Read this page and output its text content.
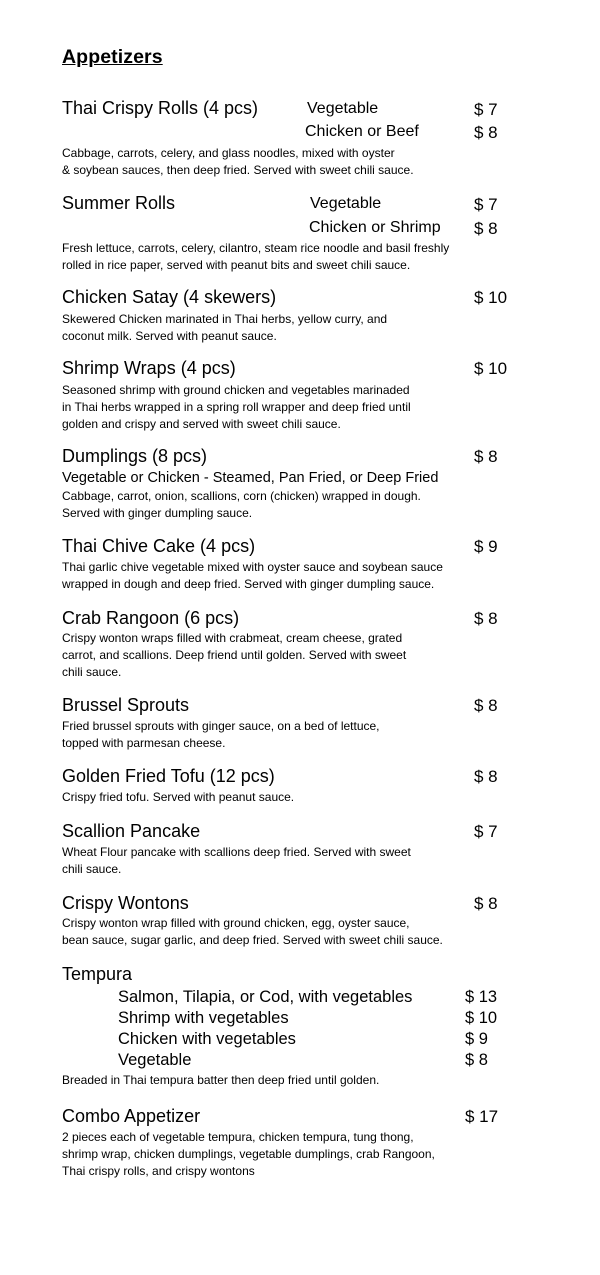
Appetizers
Thai Crispy Rolls (4 pcs)	Vegetable	$ 7
Chicken or Beef	$ 8
Cabbage, carrots, celery, and glass noodles, mixed with oyster
& soybean sauces, then deep fried. Served with sweet chili sauce.
Summer Rolls	Vegetable	$ 7
Chicken or Shrimp $ 8
Fresh lettuce, carrots, celery, cilantro, steam rice noodle and basil freshly
rolled in rice paper, served with peanut bits and sweet chili sauce.
Chicken Satay (4 skewers)	$ 10
Skewered Chicken marinated in Thai herbs, yellow curry, and
coconut milk. Served with peanut sauce.
Shrimp Wraps (4 pcs)	$ 10
Seasoned shrimp with ground chicken and vegetables marinaded
in Thai herbs wrapped in a spring roll wrapper and deep fried until
golden and crispy and served with sweet chili sauce.
Dumplings (8 pcs)	$ 8
Vegetable or Chicken - Steamed, Pan Fried, or Deep Fried
Cabbage, carrot, onion, scallions, corn (chicken) wrapped in dough.
Served with ginger dumpling sauce.
Thai Chive Cake (4 pcs)	$ 9
Thai garlic chive vegetable mixed with oyster sauce and soybean sauce
wrapped in dough and deep fried. Served with ginger dumpling sauce.
Crab Rangoon (6 pcs)	$ 8
Crispy wonton wraps filled with crabmeat, cream cheese, grated
carrot, and scallions. Deep friend until golden. Served with sweet
chili sauce.
Brussel Sprouts	$ 8
Fried brussel sprouts with ginger sauce, on a bed of lettuce,
topped with parmesan cheese.
Golden Fried Tofu (12 pcs)	$ 8
Crispy fried tofu. Served with peanut sauce.
Scallion Pancake	$ 7
Wheat Flour pancake with scallions deep fried. Served with sweet
chili sauce.
Crispy Wontons	$ 8
Crispy wonton wrap filled with ground chicken, egg, oyster sauce,
bean sauce, sugar garlic, and deep fried. Served with sweet chili sauce.
Tempura
Salmon, Tilapia, or Cod, with vegetables	$ 13
Shrimp with vegetables	$ 10
Chicken with vegetables	$ 9
Vegetable	$ 8
Breaded in Thai tempura batter then deep fried until golden.
Combo Appetizer	$ 17
2 pieces each of vegetable tempura, chicken tempura, tung thong,
shrimp wrap, chicken dumplings, vegetable dumplings, crab Rangoon,
Thai crispy rolls, and crispy wontons
